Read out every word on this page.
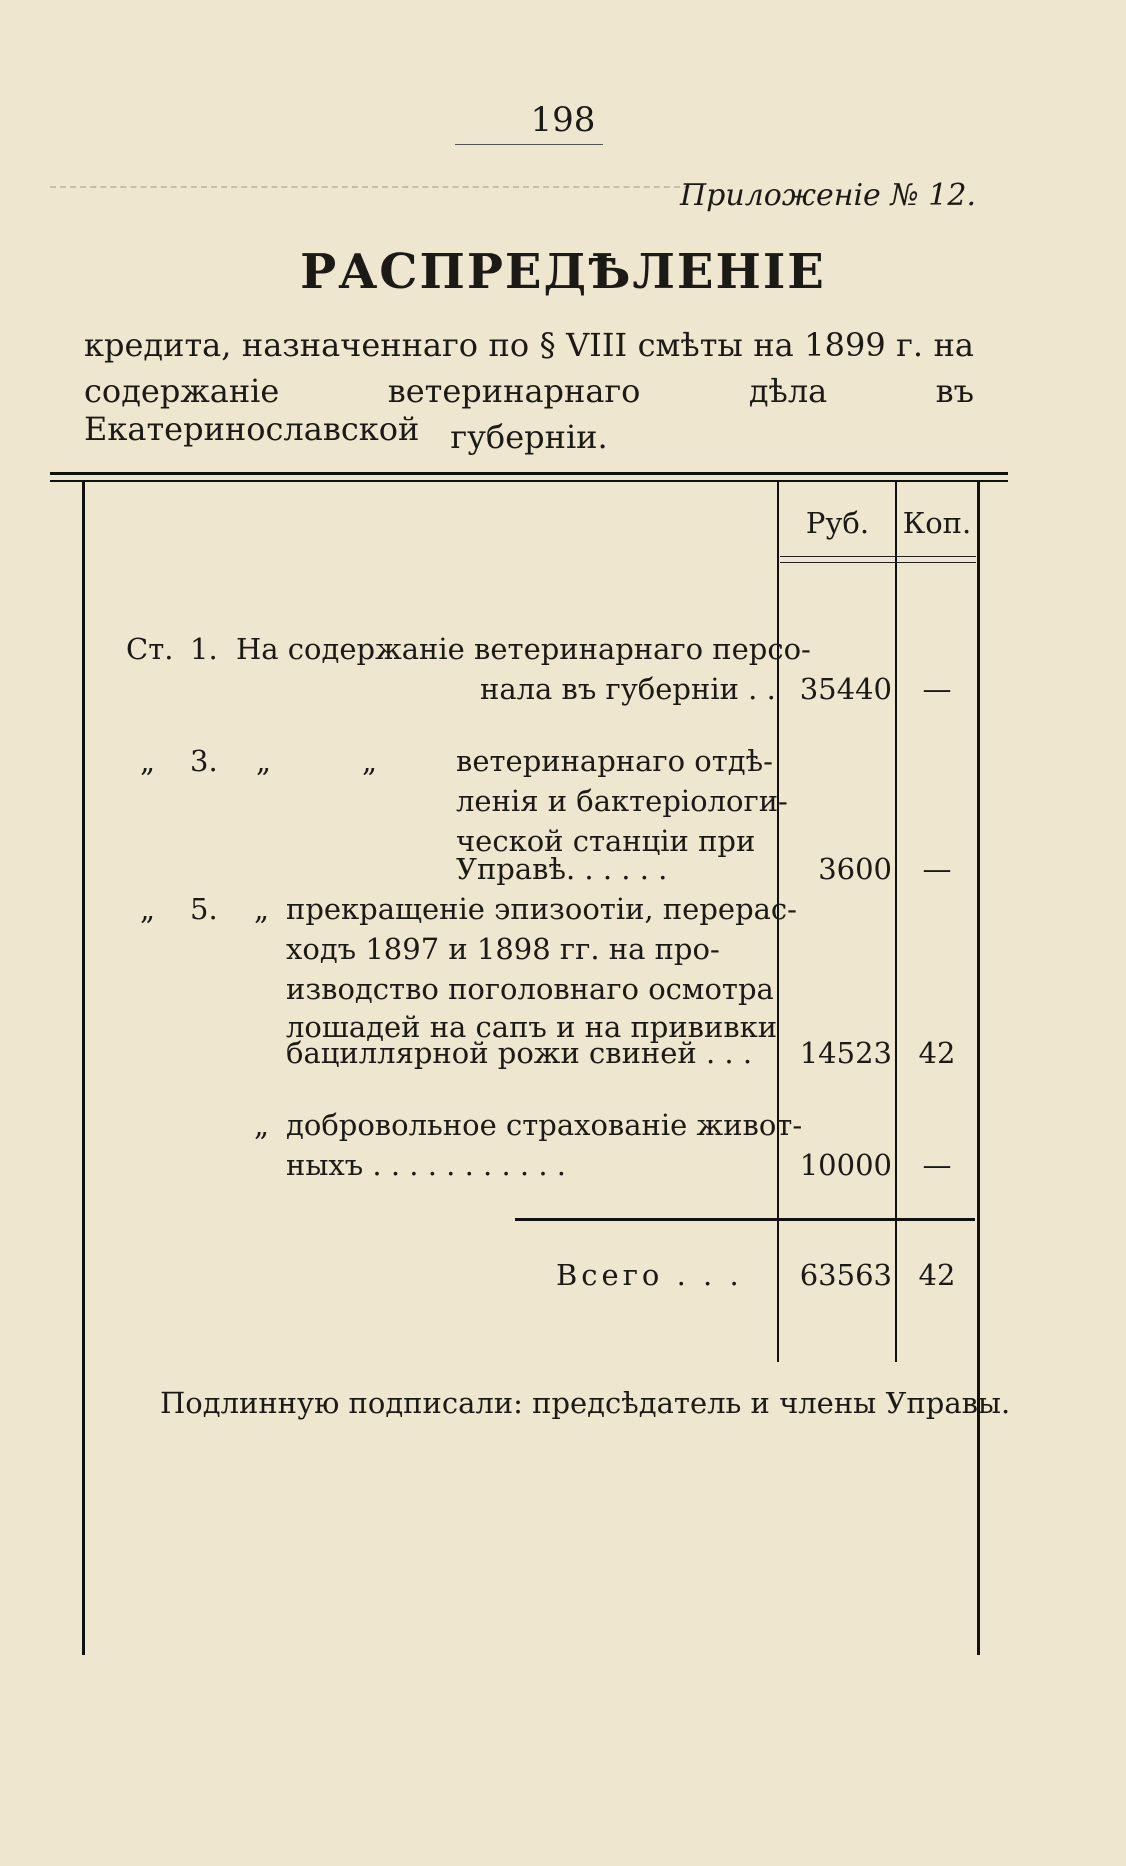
198
Приложенiе № 12.
РАСПРЕДѢЛЕНIЕ
кредита, назначеннаго по § VIII смѣты на 1899 г. на
содержанiе ветеринарнаго дѣла въ Екатеринославской губернiи.
Руб.	Коп.
Ст. 1. На содержанiе ветеринарнаго персо-
нала въ губернiи . . 35440	—
„ 3. „	„	ветеринарнаго отдѣ-
ленiя и бактерiологи-
ческой станцiи при
Управѣ. . . . . .	3600	—
„ 5. „ прекращенiе эпизоотiи, перерас-
ходъ 1897 и 1898 гг. на про-
изводство поголовнаго осмотра
лошадей на сапъ и на прививки
бациллярной рожи свиней . . .	14523 42
„ добровольное страхованiе живот-
ныхъ . . . . . . . . . . .	10000	—
Всего . . .	63563 42
Подлинную подписали: предсѣдатель и члены Управы.
